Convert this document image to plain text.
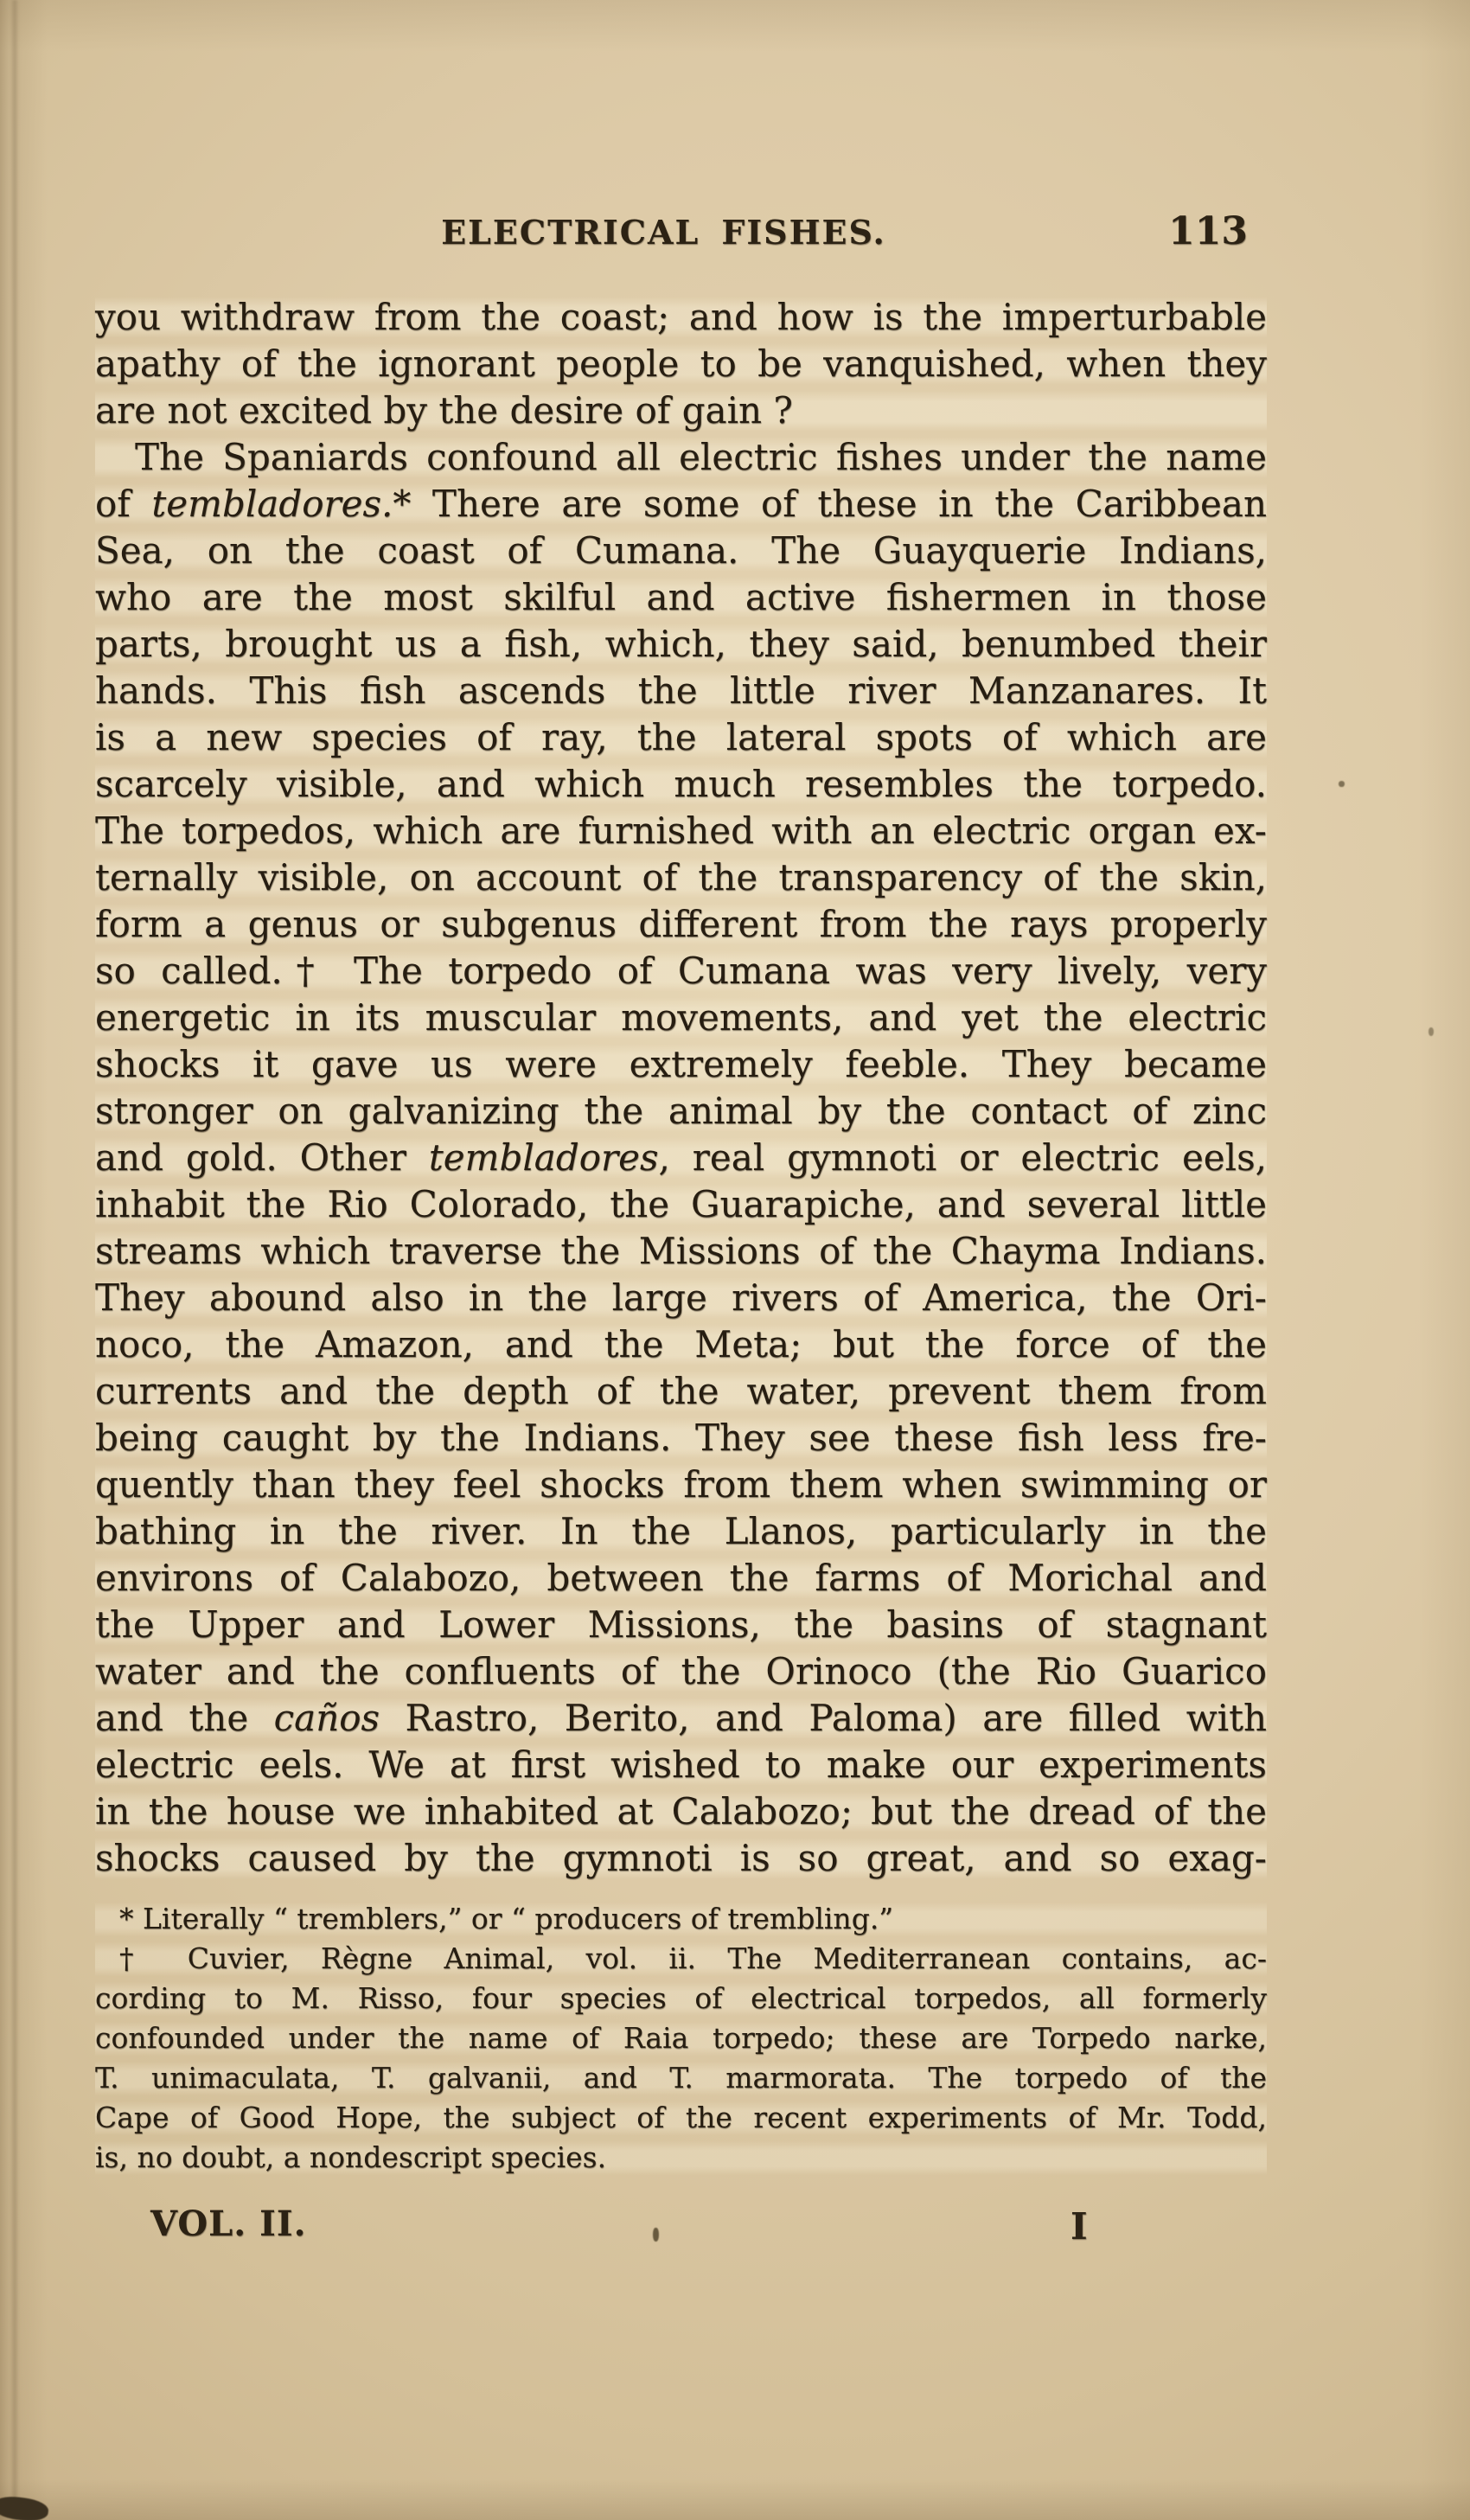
ELECTRICAL FISHES.	113
you withdraw from the coast; and how is the imperturbable
apathy of the ignorant people to be vanquished, when they
are not excited by the desire of gain ?
The Spaniards confound all electric fishes under the name
of tembladores.* There are some of these in the Caribbean
Sea, on the coast of Cumana. The Guayquerie Indians,
who are the most skilful and active fishermen in those
parts, brought us a fish, which, they said, benumbed their
hands. This fish ascends the little river Manzanares. It
is a new species of ray, the lateral spots of which are
scarcely visible, and which much resembles the torpedo.
The torpedos, which are furnished with an electric organ ex-
ternally visible, on account of the transparency of the skin,
form a genus or subgenus different from the rays properly
so called.† The torpedo of Cumana was very lively, very
energetic in its muscular movements, and yet the electric
shocks it gave us were extremely feeble. They became
stronger on galvanizing the animal by the contact of zinc
and gold. Other tembladores, real gymnoti or electric eels,
inhabit the Rio Colorado, the Guarapiche, and several little
streams which traverse the Missions of the Chayma Indians.
They abound also in the large rivers of America, the Ori-
noco, the Amazon, and the Meta; but the force of the
currents and the depth of the water, prevent them from
being caught by the Indians. They see these fish less fre-
quently than they feel shocks from them when swimming or
bathing in the river. In the Llanos, particularly in the
environs of Calabozo, between the farms of Morichal and
the Upper and Lower Missions, the basins of stagnant
water and the confluents of the Orinoco (the Rio Guarico
and the caños Rastro, Berito, and Paloma) are filled with
electric eels. We at first wished to make our experiments
in the house we inhabited at Calabozo; but the dread of the
shocks caused by the gymnoti is so great, and so exag-
* Literally “ tremblers,” or “ producers of trembling.”
† Cuvier, Règne Animal, vol. ii. The Mediterranean contains, ac-
cording to M. Risso, four species of electrical torpedos, all formerly
confounded under the name of Raia torpedo; these are Torpedo narke,
T. unimaculata, T. galvanii, and T. marmorata. The torpedo of the
Cape of Good Hope, the subject of the recent experiments of Mr. Todd,
is, no doubt, a nondescript species.
VOL. II.	I
